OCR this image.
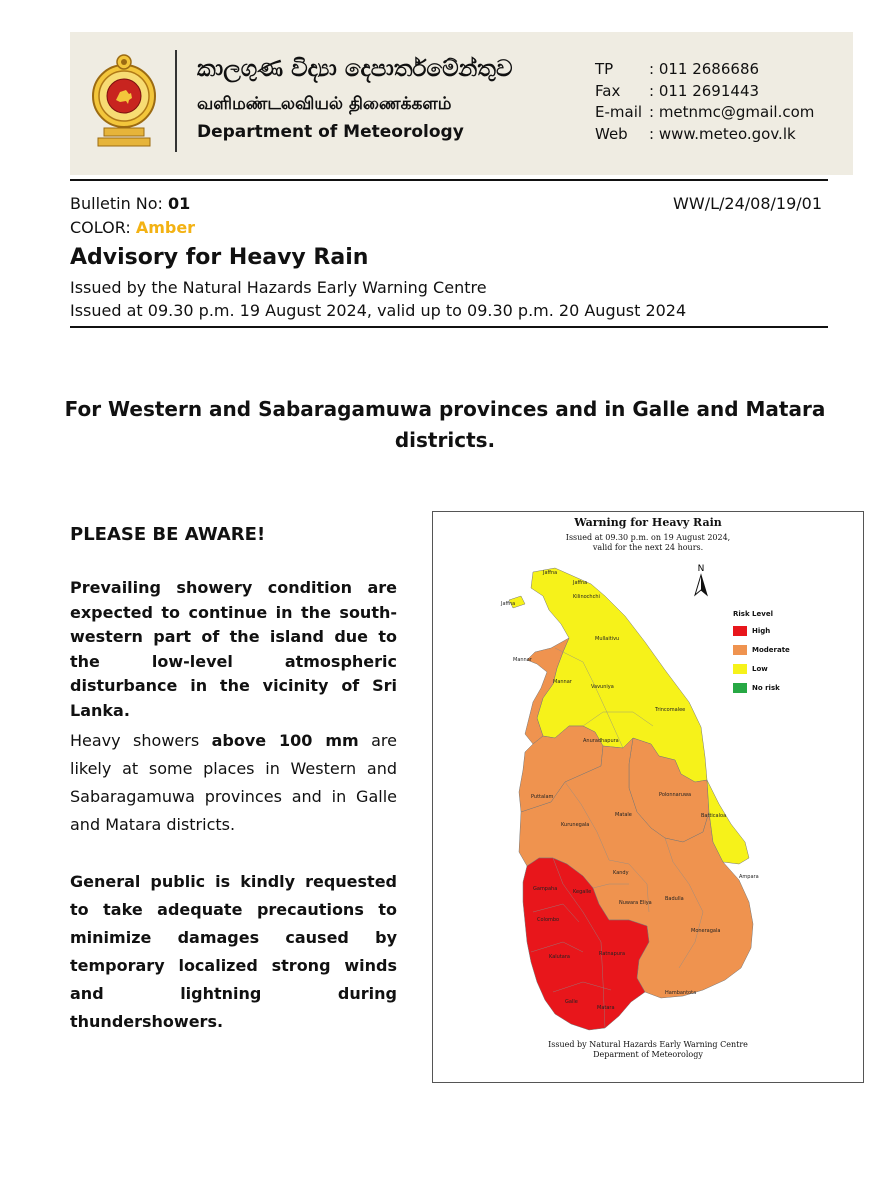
කාලගුණ විද්‍යා දෙපාර්තමේන්තුව
வளிமண்டலவியல் திணைக்களம்
Department of Meteorology
TP	: 011 2686686
Fax	: 011 2691443
E-mail : metnmc@gmail.com
Web	: www.meteo.gov.lk
Bulletin No: 01	WW/L/24/08/19/01
COLOR: Amber
Advisory for Heavy Rain
Issued by the Natural Hazards Early Warning Centre
Issued at 09.30 p.m. 19 August 2024, valid up to 09.30 p.m. 20 August 2024
For Western and Sabaragamuwa provinces and in Galle and Matara districts.
PLEASE BE AWARE!
Prevailing showery condition are expected to continue in the south-western part of the island due to the low-level atmospheric disturbance in the vicinity of Sri Lanka.
Heavy showers above 100 mm are likely at some places in Western and Sabaragamuwa provinces and in Galle and Matara districts.
General public is kindly requested to take adequate precautions to minimize damages caused by temporary localized strong winds and lightning during thundershowers.
Warning for Heavy Rain
Issued at 09.30 p.m. on 19 August 2024,
valid for the next 24 hours.
Jaffna
Jaffna
Jaffna
Kilinochchi
Mullaitivu
Mannar
Mannar
Vavuniya
Trincomalee
Anuradhapura
Puttalam	Polonnaruwa
Batticaloa
Kurunegala
Matale
Kandy
Ampara
Gampaha	Kegalle
Colombo
Nuwara Eliya
Badulla
Moneragala
Kalutara	Ratnapura
Hambantota
Galle
Matara
N
Risk Level
High
Moderate
Low
No risk
Issued by Natural Hazards Early Warning Centre
Deparment of Meteorology
